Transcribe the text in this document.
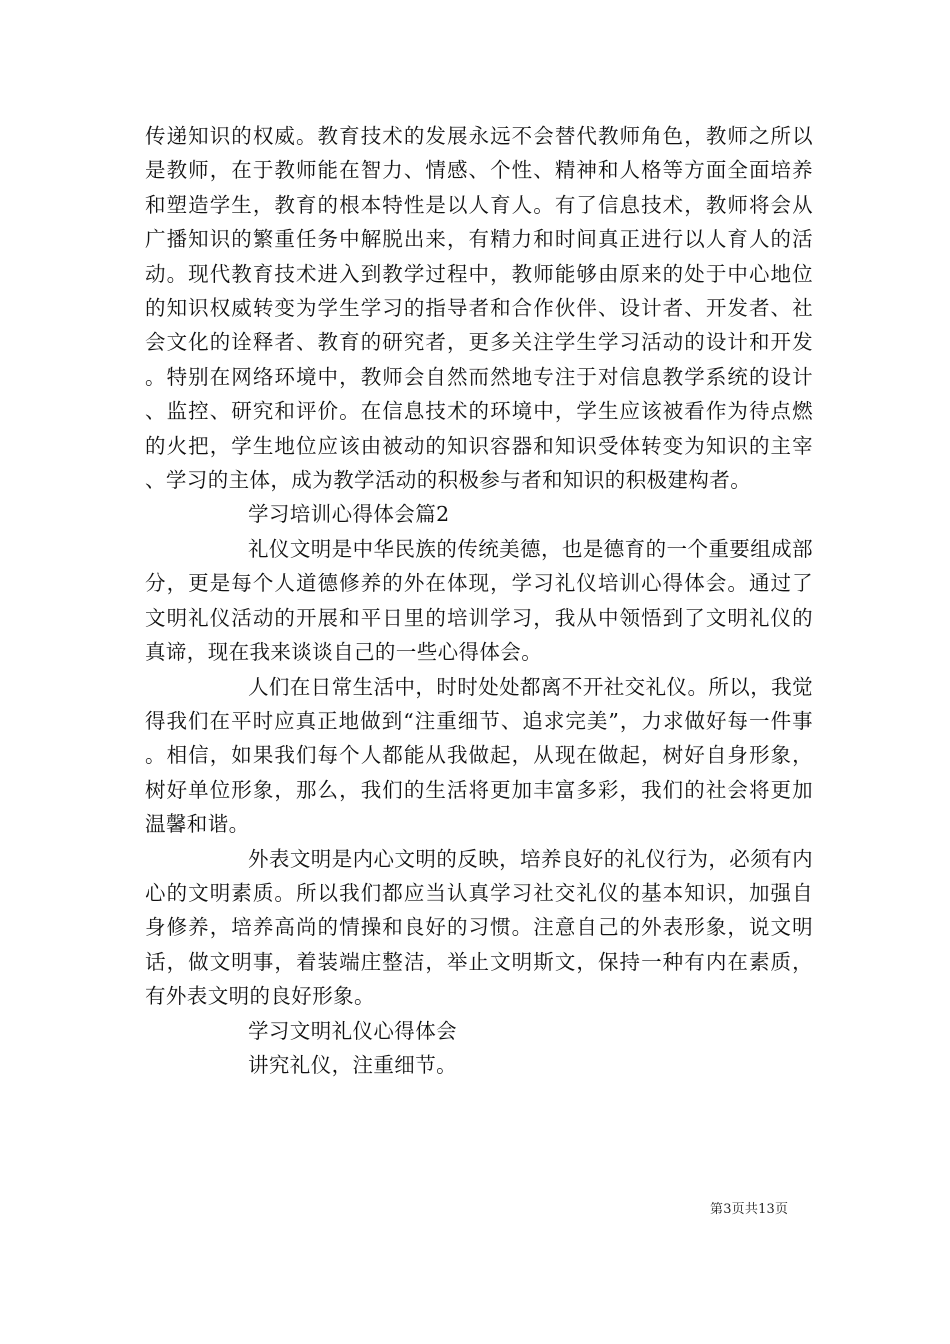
传递知识的权威。教育技术的发展永远不会替代教师角色，教师之所以是教师，在于教师能在智力、情感、个性、精神和人格等方面全面培养和塑造学生，教育的根本特性是以人育人。有了信息技术，教师将会从广播知识的繁重任务中解脱出来，有精力和时间真正进行以人育人的活动。现代教育技术进入到教学过程中，教师能够由原来的处于中心地位的知识权威转变为学生学习的指导者和合作伙伴、设计者、开发者、社会文化的诠释者、教育的研究者，更多关注学生学习活动的设计和开发。特别在网络环境中，教师会自然而然地专注于对信息教学系统的设计、监控、研究和评价。在信息技术的环境中，学生应该被看作为待点燃的火把，学生地位应该由被动的知识容器和知识受体转变为知识的主宰、学习的主体，成为教学活动的积极参与者和知识的积极建构者。

学习培训心得体会篇2

礼仪文明是中华民族的传统美德，也是德育的一个重要组成部分，更是每个人道德修养的外在体现，学习礼仪培训心得体会。通过了文明礼仪活动的开展和平日里的培训学习，我从中领悟到了文明礼仪的真谛，现在我来谈谈自己的一些心得体会。

人们在日常生活中，时时处处都离不开社交礼仪。所以，我觉得我们在平时应真正地做到“注重细节、追求完美”，力求做好每一件事。相信，如果我们每个人都能从我做起，从现在做起，树好自身形象，树好单位形象，那么，我们的生活将更加丰富多彩，我们的社会将更加温馨和谐。

外表文明是内心文明的反映，培养良好的礼仪行为，必须有内心的文明素质。所以我们都应当认真学习社交礼仪的基本知识，加强自身修养，培养高尚的情操和良好的习惯。注意自己的外表形象，说文明话，做文明事，着装端庄整洁，举止文明斯文，保持一种有内在素质，有外表文明的良好形象。

学习文明礼仪心得体会

讲究礼仪，注重细节。

第3页共13页
